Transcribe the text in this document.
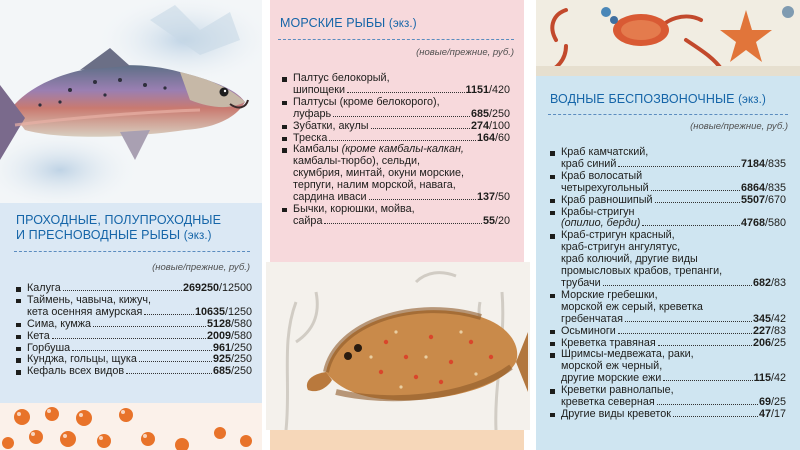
ПРОХОДНЫЕ, ПОЛУПРОХОДНЫЕ
И ПРЕСНОВОДНЫЕ РЫБЫ (экз.)
(новые/прежние, руб.)
Калуга	269250/12500
Таймень, чавыча, кижуч,
кета осенняя амурская	10635/1250
Сима, кумжа	5128/580
Кета	2009/580
Горбуша	961/250
Кунджа, гольцы, щука	925/250
Кефаль всех видов	685/250
МОРСКИЕ РЫБЫ (экз.)
(новые/прежние, руб.)
Палтус белокорый,
шипощеки	1151/420
Палтусы (кроме белокорого),
луфарь	685/250
Зубатки, акулы	274/100
Треска	164/60
Камбалы (кроме камбалы-калкан,
камбалы-тюрбо), сельди,
скумбрия, минтай, окуни морские,
терпуги, налим морской, навага,
сардина иваси	137/50
Бычки, корюшки, мойва,
сайра	55/20
ВОДНЫЕ БЕСПОЗВОНОЧНЫЕ (экз.)
(новые/прежние, руб.)
Краб камчатский,
краб синий	7184/835
Краб волосатый
четырехугольный	6864/835
Краб равношипый	5507/670
Крабы-стригун
(опилио, берди)	4768/580
Краб-стригун красный,
краб-стригун ангулятус,
краб колючий, другие виды
промысловых крабов, трепанги,
трубачи	682/83
Морские гребешки,
морской еж серый, креветка
гребенчатая	345/42
Осьминоги	227/83
Креветка травяная	206/25
Шримсы-медвежата, раки,
морской еж черный,
другие морские ежи	115/42
Креветки равнолапые,
креветка северная	69/25
Другие виды креветок	47/17
